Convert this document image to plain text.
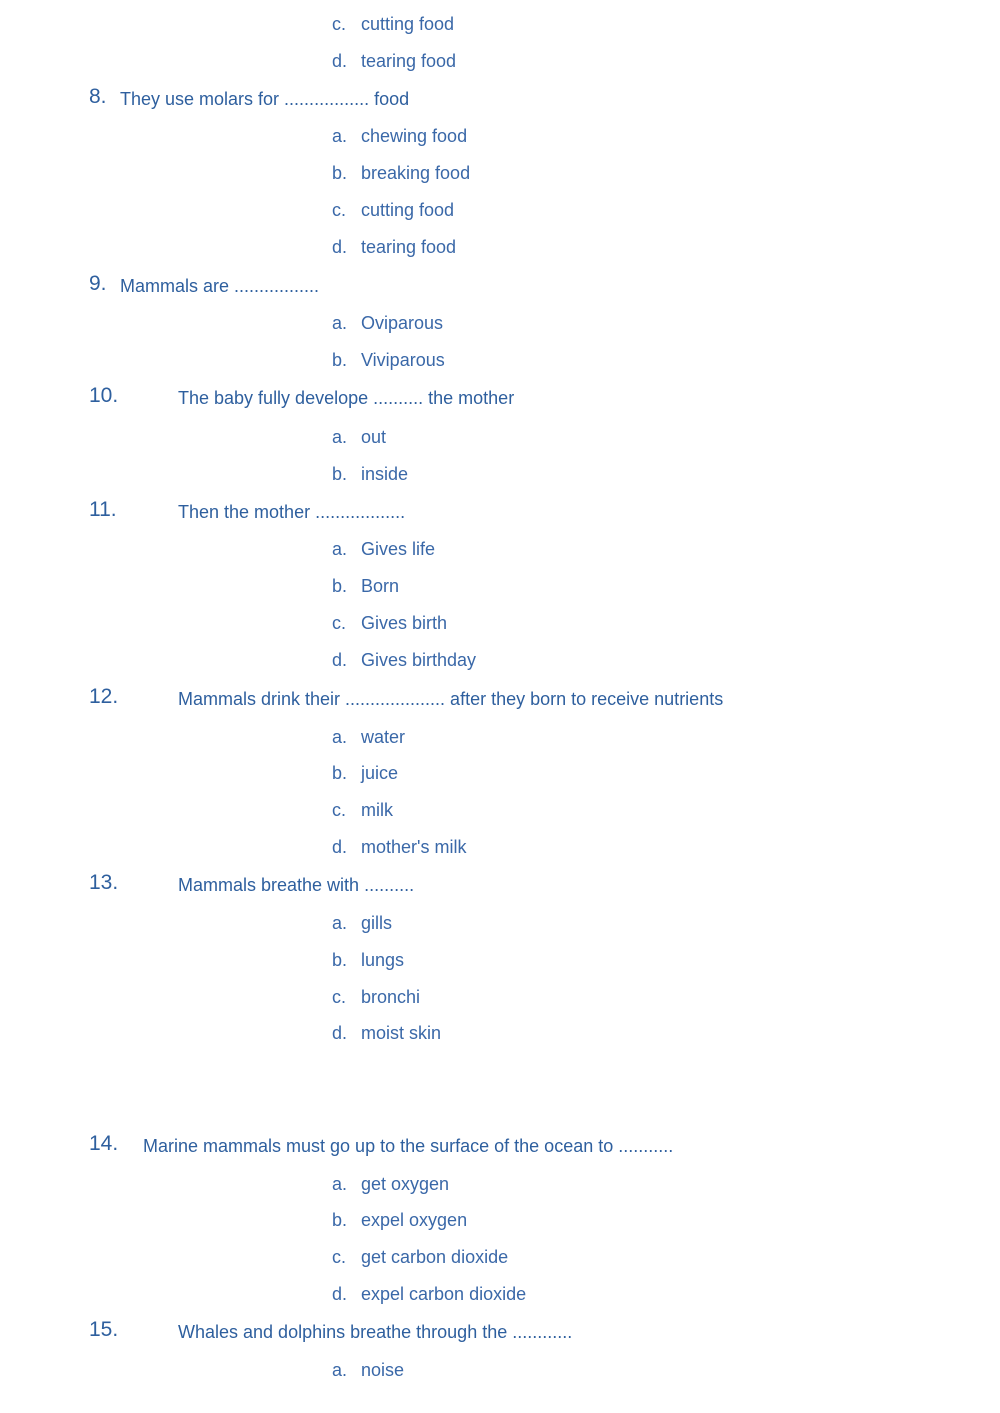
c. cutting food
d. tearing food
8. They use molars for ................. food
a. chewing food
b. breaking food
c. cutting food
d. tearing food
9. Mammals are .................
a. Oviparous
b. Viviparous
10.	The baby fully develope .......... the mother
a. out
b. inside
11.	Then the mother ..................
a. Gives life
b. Born
c. Gives birth
d. Gives birthday
12.	Mammals drink their .................... after they born to receive nutrients
a. water
b. juice
c. milk
d. mother's milk
13.	Mammals breathe with ..........
a. gills
b. lungs
c. bronchi
d. moist skin
14. Marine mammals must go up to the surface of the ocean to ...........
a. get oxygen
b. expel oxygen
c. get carbon dioxide
d. expel carbon dioxide
15.	Whales and dolphins breathe through the ............
a. noise
